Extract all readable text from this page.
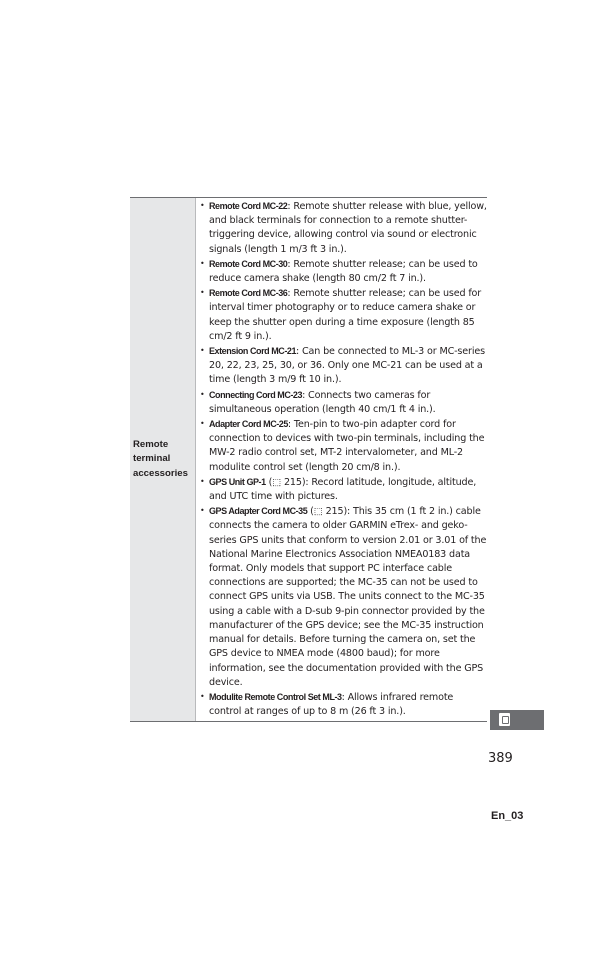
Remote
terminal
accessories
• Remote Cord MC-22: Remote shutter release with blue, yellow, and black terminals for connection to a remote shutter-triggering device, allowing control via sound or electronic signals (length 1 m/3 ft 3 in.).
• Remote Cord MC-30: Remote shutter release; can be used to reduce camera shake (length 80 cm/2 ft 7 in.).
• Remote Cord MC-36: Remote shutter release; can be used for interval timer photography or to reduce camera shake or keep the shutter open during a time exposure (length 85 cm/2 ft 9 in.).
• Extension Cord MC-21: Can be connected to ML-3 or MC-series 20, 22, 23, 25, 30, or 36. Only one MC-21 can be used at a time (length 3 m/9 ft 10 in.).
• Connecting Cord MC-23: Connects two cameras for simultaneous operation (length 40 cm/1 ft 4 in.).
• Adapter Cord MC-25: Ten-pin to two-pin adapter cord for connection to devices with two-pin terminals, including the MW-2 radio control set, MT-2 intervalometer, and ML-2 modulite control set (length 20 cm/8 in.).
• GPS Unit GP-1 (⬚ 215): Record latitude, longitude, altitude, and UTC time with pictures.
• GPS Adapter Cord MC-35 (⬚ 215): This 35 cm (1 ft 2 in.) cable connects the camera to older GARMIN eTrex- and geko-series GPS units that conform to version 2.01 or 3.01 of the National Marine Electronics Association NMEA0183 data format. Only models that support PC interface cable connections are supported; the MC-35 can not be used to connect GPS units via USB. The units connect to the MC-35 using a cable with a D-sub 9-pin connector provided by the manufacturer of the GPS device; see the MC-35 instruction manual for details. Before turning the camera on, set the GPS device to NMEA mode (4800 baud); for more information, see the documentation provided with the GPS device.
• Modulite Remote Control Set ML-3: Allows infrared remote control at ranges of up to 8 m (26 ft 3 in.).
389
En_03
